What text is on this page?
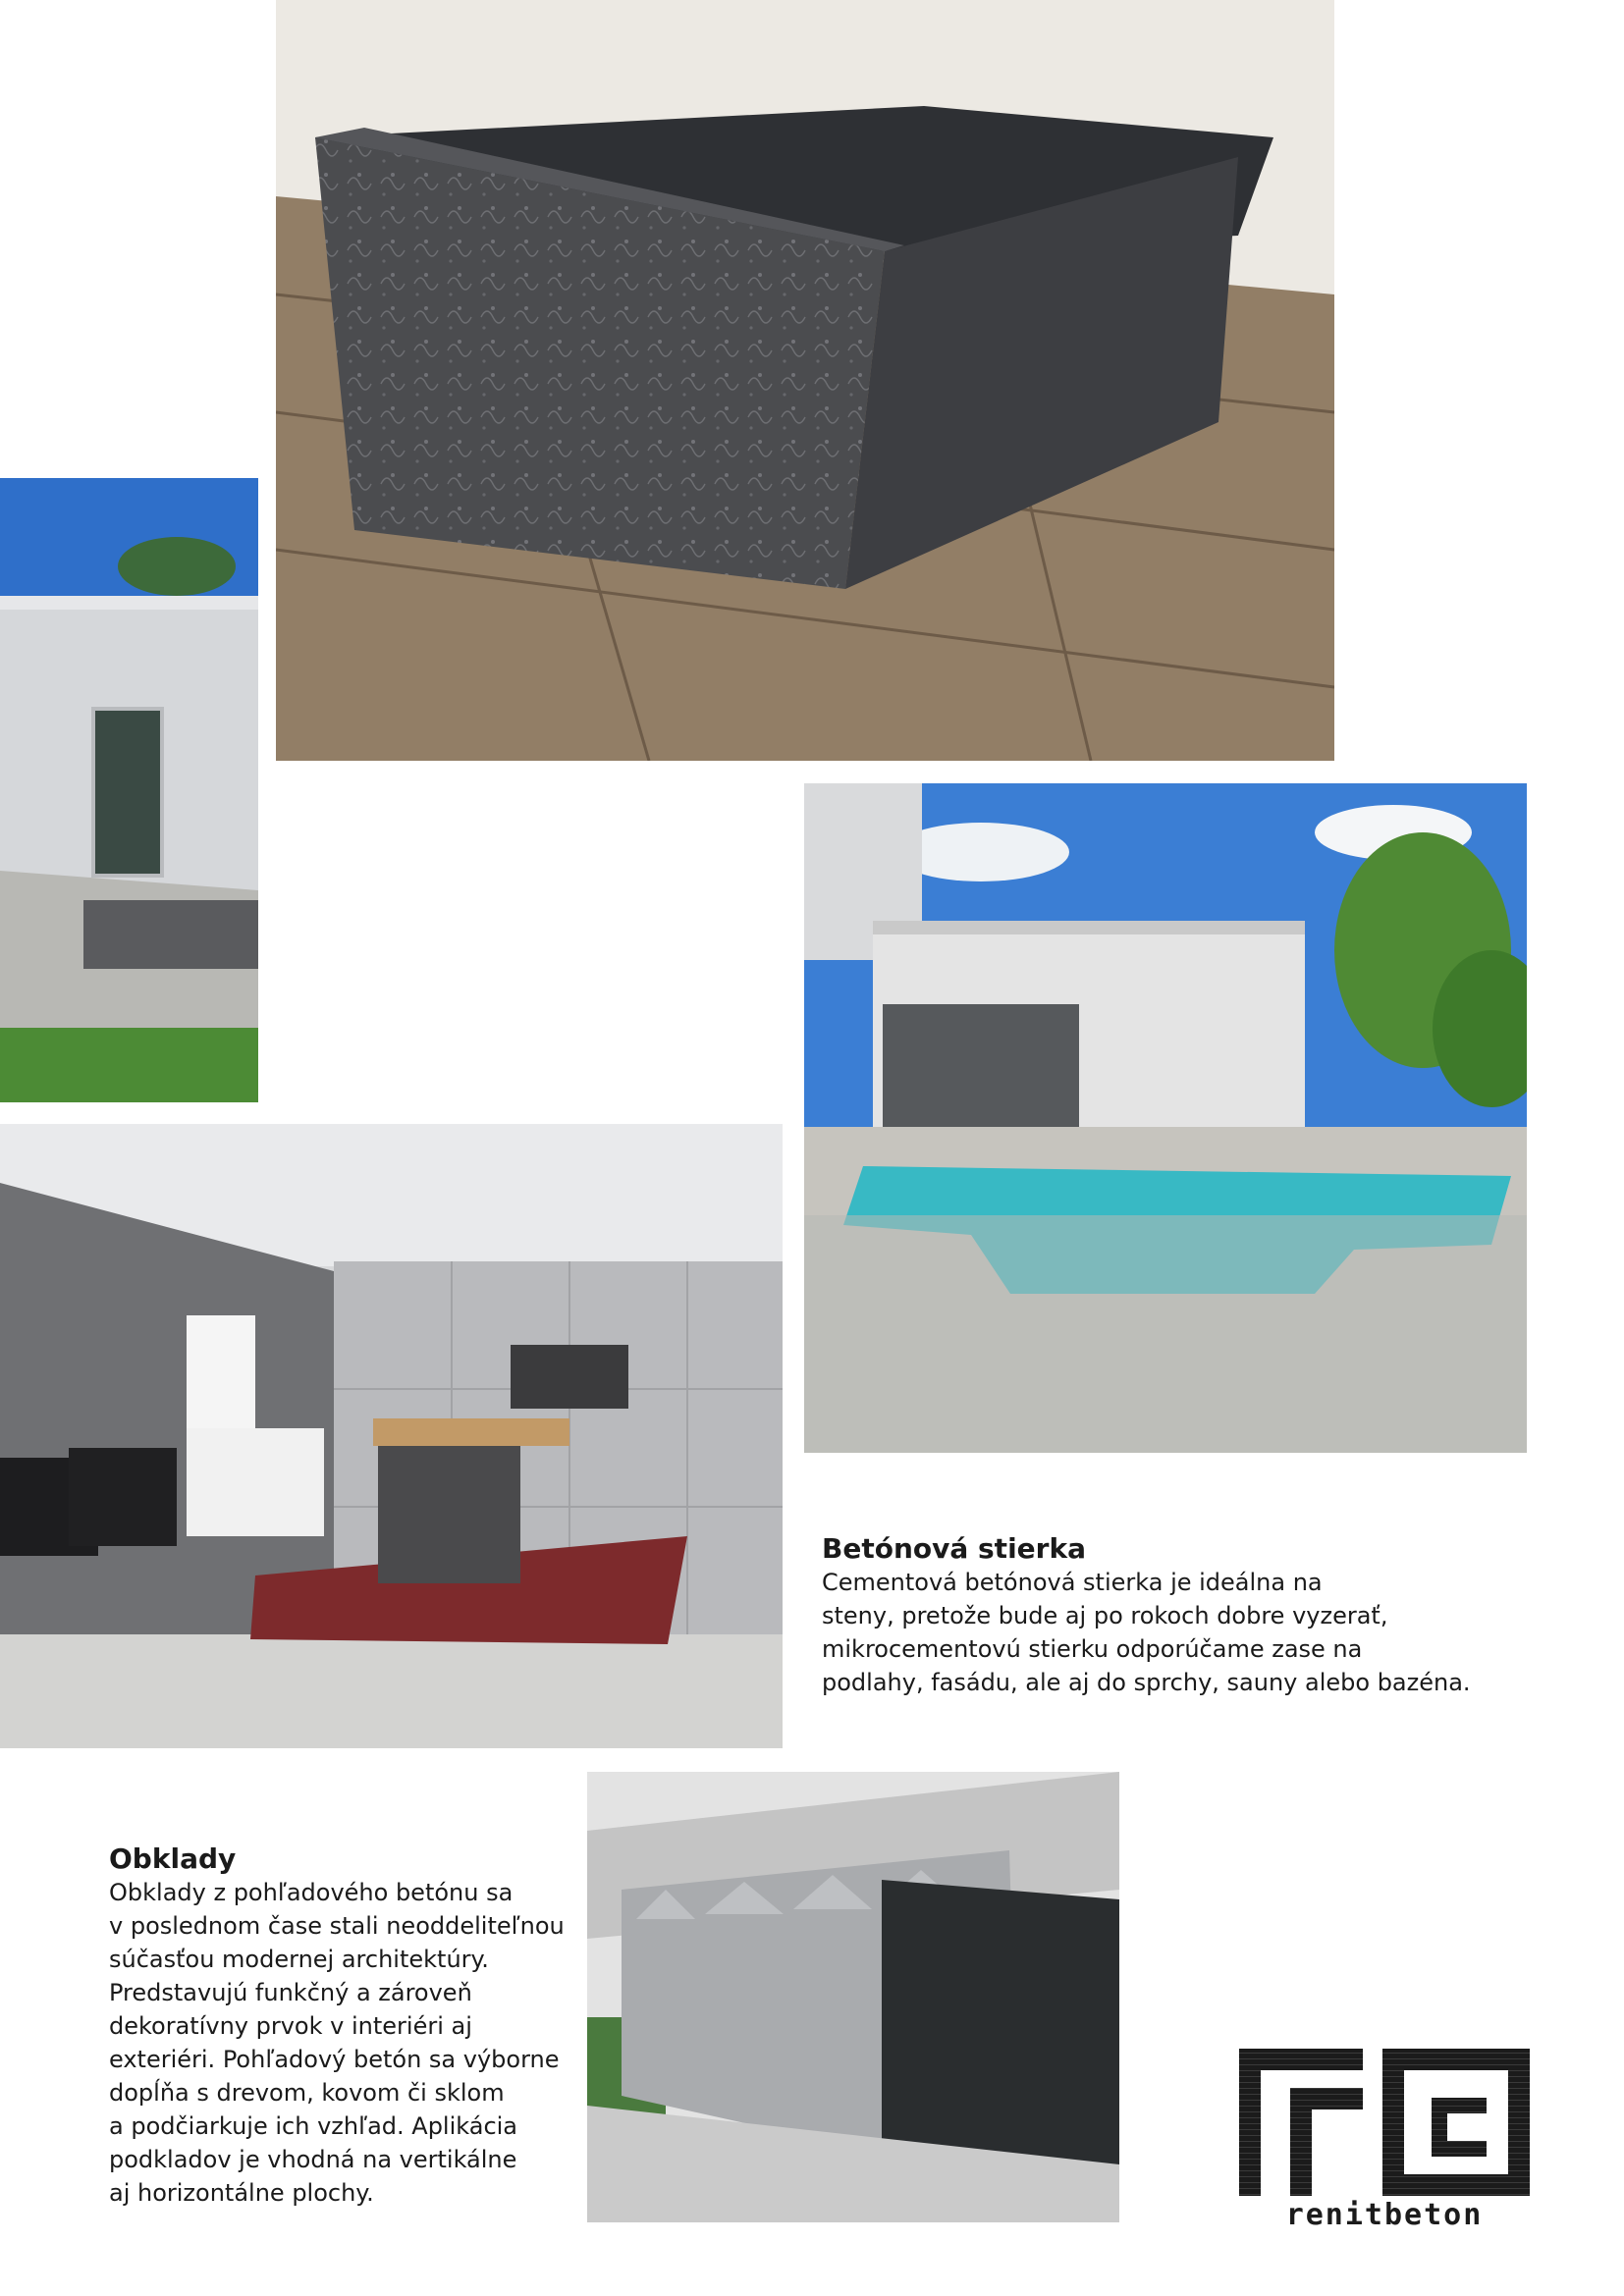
Betónová stierka

Cementová betónová stierka je ideálna na
steny, pretože bude aj po rokoch dobre vyzerať,
mikrocementovú stierku odporúčame zase na
podlahy, fasádu, ale aj do sprchy, sauny alebo bazéna.

Obklady

Obklady z pohľadového betónu sa
v poslednom čase stali neoddeliteľnou
súčasťou modernej architektúry.
Predstavujú funkčný a zároveň
dekoratívny prvok v interiéri aj
exteriéri. Pohľadový betón sa výborne
dopĺňa s drevom, kovom či sklom
a podčiarkuje ich vzhľad. Aplikácia
podkladov je vhodná na vertikálne
aj horizontálne plochy.

renitbeton
